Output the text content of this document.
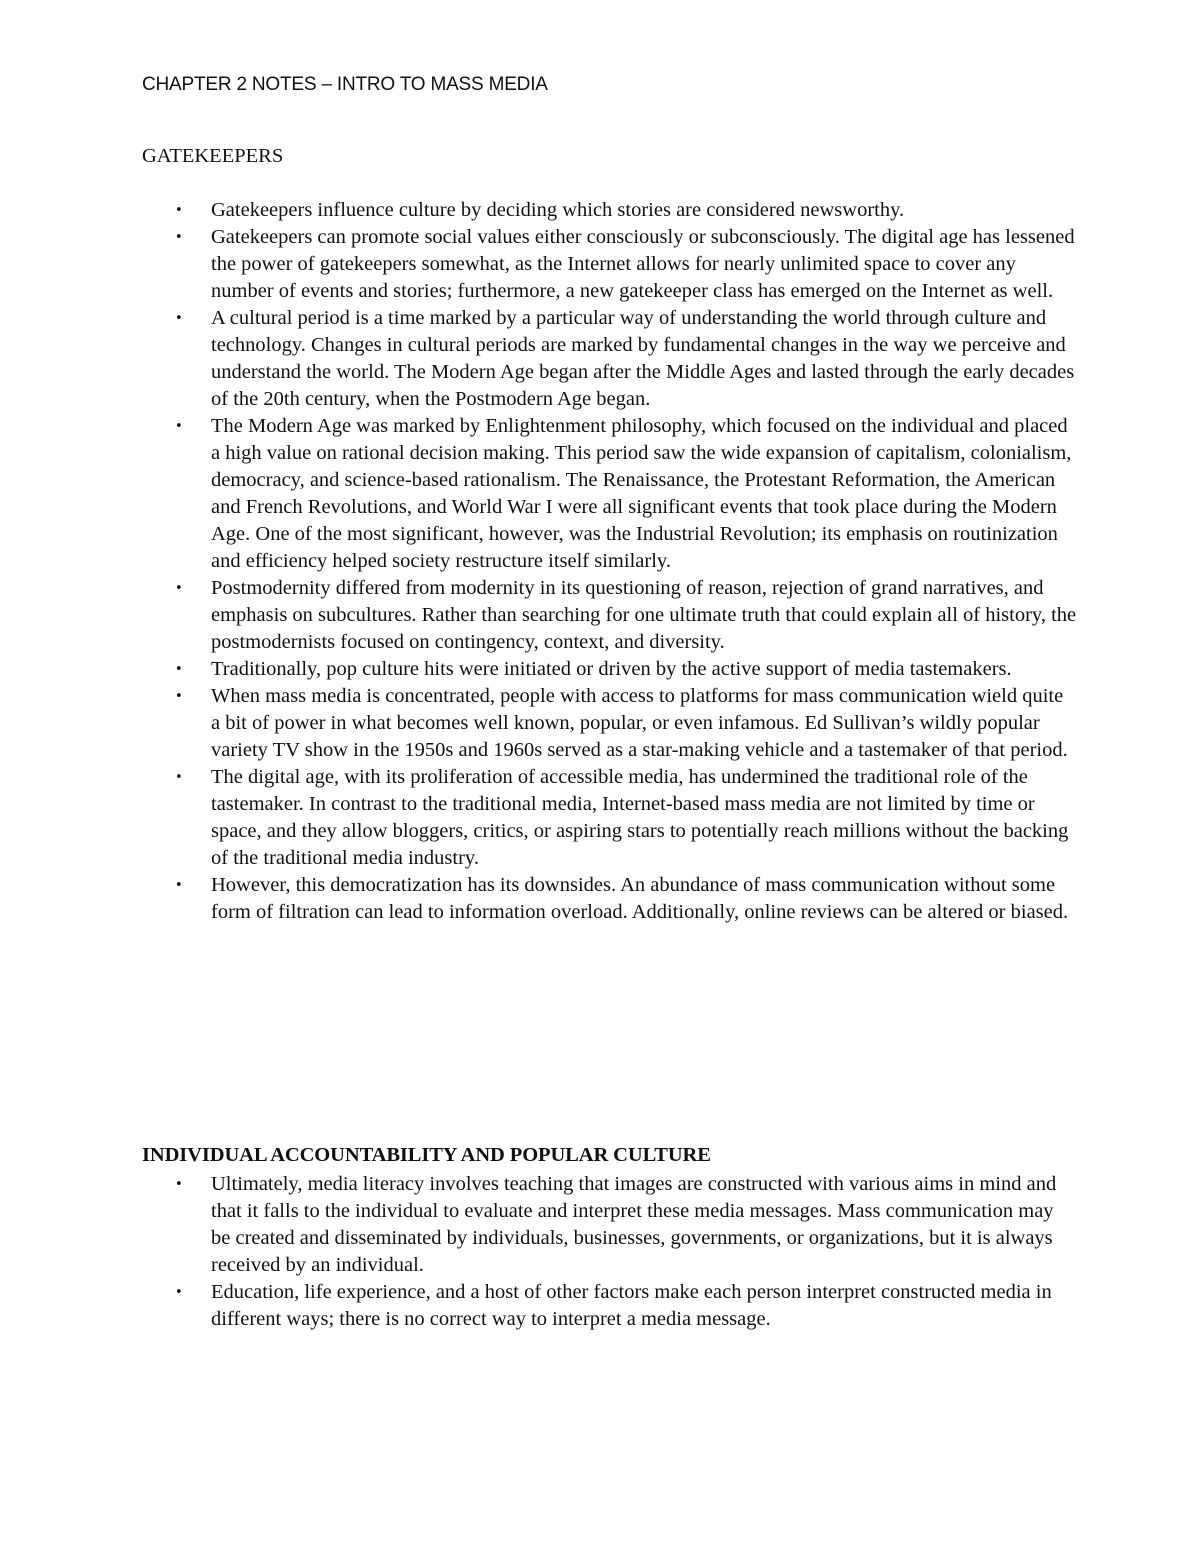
CHAPTER 2 NOTES – INTRO TO MASS MEDIA
GATEKEEPERS
• Gatekeepers influence culture by deciding which stories are considered newsworthy.
• Gatekeepers can promote social values either consciously or subconsciously. The digital age has lessened the power of gatekeepers somewhat, as the Internet allows for nearly unlimited space to cover any number of events and stories; furthermore, a new gatekeeper class has emerged on the Internet as well.
• A cultural period is a time marked by a particular way of understanding the world through culture and technology. Changes in cultural periods are marked by fundamental changes in the way we perceive and understand the world. The Modern Age began after the Middle Ages and lasted through the early decades of the 20th century, when the Postmodern Age began.
• The Modern Age was marked by Enlightenment philosophy, which focused on the individual and placed a high value on rational decision making. This period saw the wide expansion of capitalism, colonialism, democracy, and science-based rationalism. The Renaissance, the Protestant Reformation, the American and French Revolutions, and World War I were all significant events that took place during the Modern Age. One of the most significant, however, was the Industrial Revolution; its emphasis on routinization and efficiency helped society restructure itself similarly.
• Postmodernity differed from modernity in its questioning of reason, rejection of grand narratives, and emphasis on subcultures. Rather than searching for one ultimate truth that could explain all of history, the postmodernists focused on contingency, context, and diversity.
• Traditionally, pop culture hits were initiated or driven by the active support of media tastemakers.
• When mass media is concentrated, people with access to platforms for mass communication wield quite a bit of power in what becomes well known, popular, or even infamous. Ed Sullivan’s wildly popular variety TV show in the 1950s and 1960s served as a star-making vehicle and a tastemaker of that period.
• The digital age, with its proliferation of accessible media, has undermined the traditional role of the tastemaker. In contrast to the traditional media, Internet-based mass media are not limited by time or space, and they allow bloggers, critics, or aspiring stars to potentially reach millions without the backing of the traditional media industry.
• However, this democratization has its downsides. An abundance of mass communication without some form of filtration can lead to information overload. Additionally, online reviews can be altered or biased.
INDIVIDUAL ACCOUNTABILITY AND POPULAR CULTURE
• Ultimately, media literacy involves teaching that images are constructed with various aims in mind and that it falls to the individual to evaluate and interpret these media messages. Mass communication may be created and disseminated by individuals, businesses, governments, or organizations, but it is always received by an individual.
• Education, life experience, and a host of other factors make each person interpret constructed media in different ways; there is no correct way to interpret a media message.
